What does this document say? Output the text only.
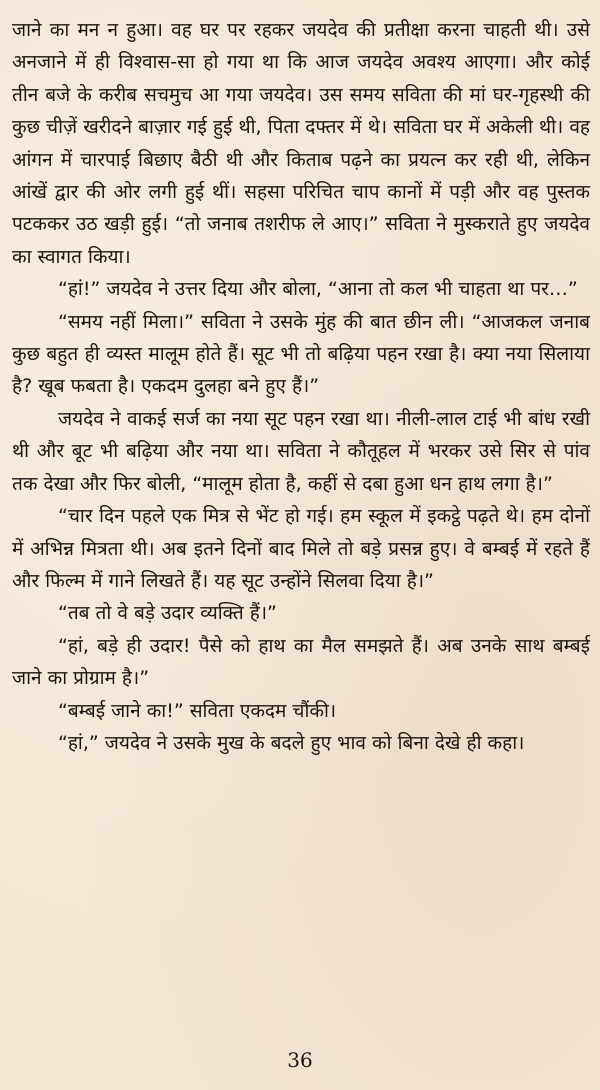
जाने का मन न हुआ। वह घर पर रहकर जयदेव की प्रतीक्षा करना चाहती थी। उसे अनजाने में ही विश्वास-सा हो गया था कि आज जयदेव अवश्य आएगा। और कोई तीन बजे के करीब सचमुच आ गया जयदेव। उस समय सविता की मां घर-गृहस्थी की कुछ चीज़ें खरीदने बाज़ार गई हुई थी, पिता दफ्तर में थे। सविता घर में अकेली थी। वह आंगन में चारपाई बिछाए बैठी थी और किताब पढ़ने का प्रयत्न कर रही थी, लेकिन आंखें द्वार की ओर लगी हुई थीं। सहसा परिचित चाप कानों में पड़ी और वह पुस्तक पटककर उठ खड़ी हुई। “तो जनाब तशरीफ ले आए।” सविता ने मुस्कराते हुए जयदेव का स्वागत किया।

“हां!” जयदेव ने उत्तर दिया और बोला, “आना तो कल भी चाहता था पर…”

“समय नहीं मिला।” सविता ने उसके मुंह की बात छीन ली। “आजकल जनाब कुछ बहुत ही व्यस्त मालूम होते हैं। सूट भी तो बढ़िया पहन रखा है। क्या नया सिलाया है? खूब फबता है। एकदम दुलहा बने हुए हैं।”

जयदेव ने वाकई सर्ज का नया सूट पहन रखा था। नीली-लाल टाई भी बांध रखी थी और बूट भी बढ़िया और नया था। सविता ने कौतूहल में भरकर उसे सिर से पांव तक देखा और फिर बोली, “मालूम होता है, कहीं से दबा हुआ धन हाथ लगा है।”

“चार दिन पहले एक मित्र से भेंट हो गई। हम स्कूल में इकट्ठे पढ़ते थे। हम दोनों में अभिन्न मित्रता थी। अब इतने दिनों बाद मिले तो बड़े प्रसन्न हुए। वे बम्बई में रहते हैं और फिल्म में गाने लिखते हैं। यह सूट उन्होंने सिलवा दिया है।”

“तब तो वे बड़े उदार व्यक्ति हैं।”

“हां, बड़े ही उदार! पैसे को हाथ का मैल समझते हैं। अब उनके साथ बम्बई जाने का प्रोग्राम है।”

“बम्बई जाने का!” सविता एकदम चौंकी।

“हां,” जयदेव ने उसके मुख के बदले हुए भाव को बिना देखे ही कहा।

36
